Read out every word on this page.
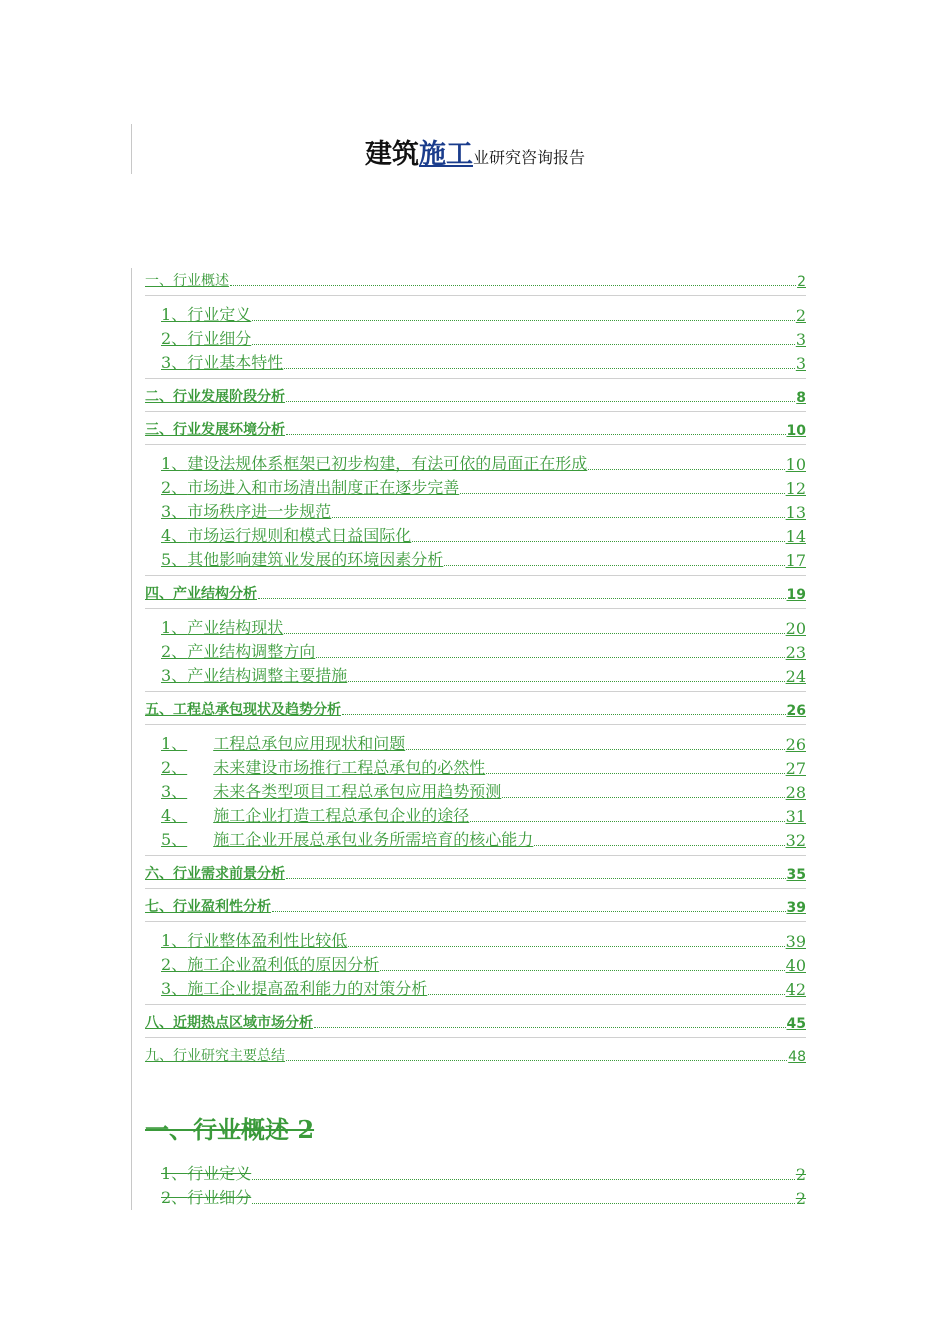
建筑施工业研究咨询报告
一、行业概述	2
1、行业定义	2
2、行业细分	3
3、行业基本特性	3
二、行业发展阶段分析	8
三、行业发展环境分析	10
1、建设法规体系框架已初步构建，有法可依的局面正在形成	10
2、市场进入和市场清出制度正在逐步完善	12
3、市场秩序进一步规范	13
4、市场运行规则和模式日益国际化	14
5、其他影响建筑业发展的环境因素分析	17
四、产业结构分析	19
1、产业结构现状	20
2、产业结构调整方向	23
3、产业结构调整主要措施	24
五、工程总承包现状及趋势分析	26
1、 工程总承包应用现状和问题	26
2、 未来建设市场推行工程总承包的必然性	27
3、 未来各类型项目工程总承包应用趋势预测	28
4、 施工企业打造工程总承包企业的途径	31
5、 施工企业开展总承包业务所需培育的核心能力	32
六、行业需求前景分析	35
七、行业盈利性分析	39
1、行业整体盈利性比较低	39
2、施工企业盈利低的原因分析	40
3、施工企业提高盈利能力的对策分析	42
八、近期热点区域市场分析	45
九、行业研究主要总结	48
一、行业概述 2
1、行业定义	2
2、行业细分	2
